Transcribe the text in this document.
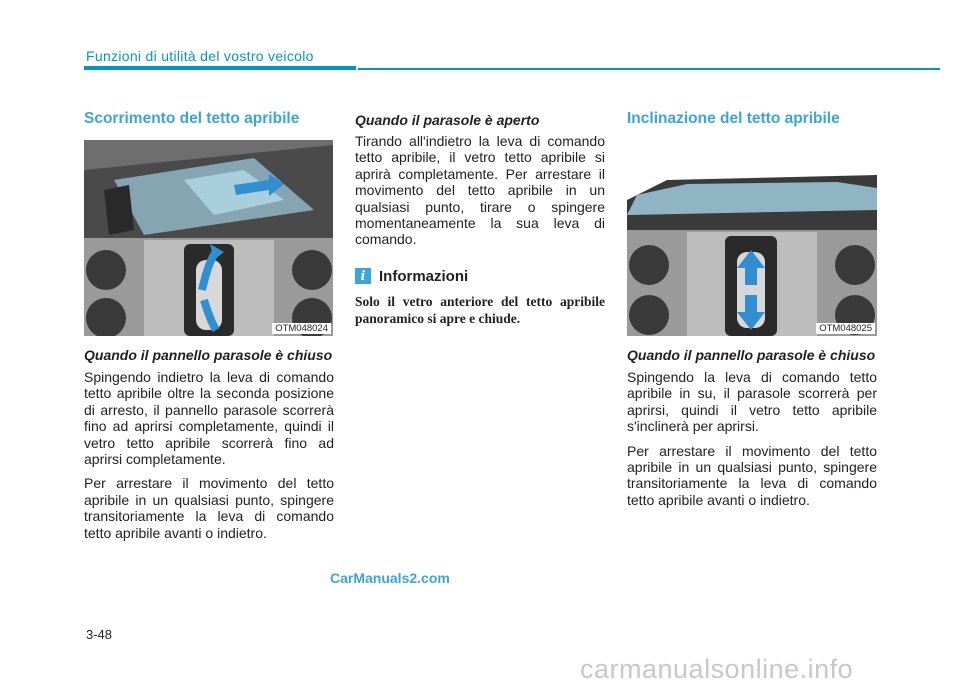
Funzioni di utilità del vostro veicolo
Scorrimento del tetto apribile
OTM048024

Quando il pannello parasole è chiuso

Spingendo indietro la leva di comando tetto apribile oltre la seconda posizione di arresto, il pannello parasole scorrerà fino ad aprirsi completamente, quindi il vetro tetto apribile scorrerà fino ad aprirsi completamente.

Per arrestare il movimento del tetto apribile in un qualsiasi punto, spingere transitoriamente la leva di comando tetto apribile avanti o indietro.

Quando il parasole è aperto

Tirando all'indietro la leva di comando tetto apribile, il vetro tetto apribile si aprirà completamente. Per arrestare il movimento del tetto apribile in un qualsiasi punto, tirare o spingere momentaneamente la sua leva di comando.

i Informazioni

Solo il vetro anteriore del tetto apribile panoramico si apre e chiude.

Inclinazione del tetto apribile
OTM048025

Quando il pannello parasole è chiuso

Spingendo la leva di comando tetto apribile in su, il parasole scorrerà per aprirsi, quindi il vetro tetto apribile s'inclinerà per aprirsi.

Per arrestare il movimento del tetto apribile in un qualsiasi punto, spingere transitoriamente la leva di comando tetto apribile avanti o indietro.

CarManuals2.com
3-48
carmanualsonline.info
